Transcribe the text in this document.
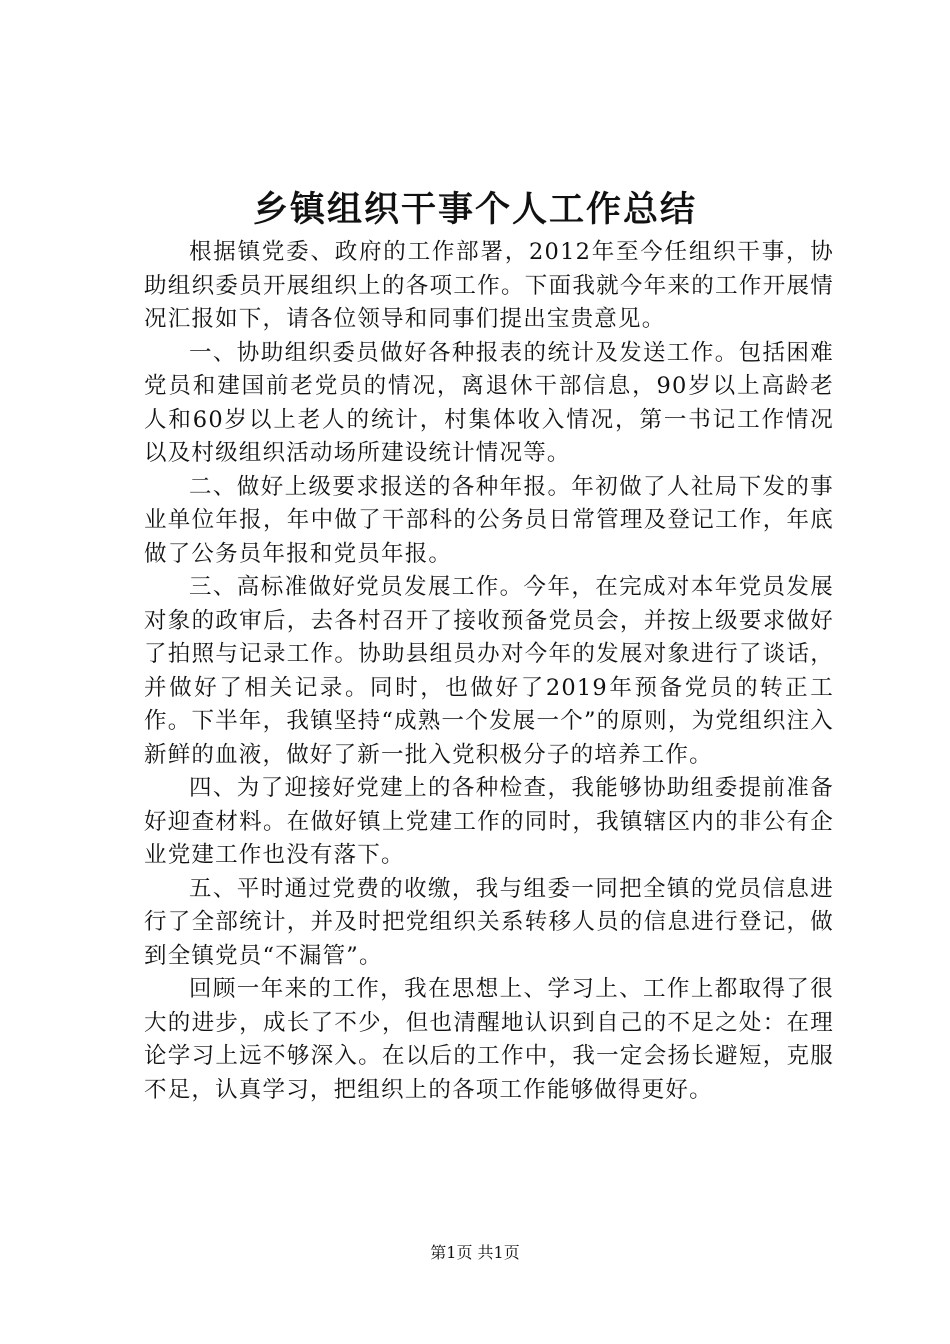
乡镇组织干事个人工作总结

根据镇党委、政府的工作部署，2012年至今任组织干事，协助组织委员开展组织上的各项工作。下面我就今年来的工作开展情况汇报如下，请各位领导和同事们提出宝贵意见。

一、协助组织委员做好各种报表的统计及发送工作。包括困难党员和建国前老党员的情况，离退休干部信息，90岁以上高龄老人和60岁以上老人的统计，村集体收入情况，第一书记工作情况以及村级组织活动场所建设统计情况等。

二、做好上级要求报送的各种年报。年初做了人社局下发的事业单位年报，年中做了干部科的公务员日常管理及登记工作，年底做了公务员年报和党员年报。

三、高标准做好党员发展工作。今年，在完成对本年党员发展对象的政审后，去各村召开了接收预备党员会，并按上级要求做好了拍照与记录工作。协助县组员办对今年的发展对象进行了谈话，并做好了相关记录。同时，也做好了2019年预备党员的转正工作。下半年，我镇坚持“成熟一个发展一个”的原则，为党组织注入新鲜的血液，做好了新一批入党积极分子的培养工作。

四、为了迎接好党建上的各种检查，我能够协助组委提前准备好迎查材料。在做好镇上党建工作的同时，我镇辖区内的非公有企业党建工作也没有落下。

五、平时通过党费的收缴，我与组委一同把全镇的党员信息进行了全部统计，并及时把党组织关系转移人员的信息进行登记，做到全镇党员“不漏管”。

回顾一年来的工作，我在思想上、学习上、工作上都取得了很大的进步，成长了不少，但也清醒地认识到自己的不足之处：在理论学习上远不够深入。在以后的工作中，我一定会扬长避短，克服不足，认真学习，把组织上的各项工作能够做得更好。

第1页 共1页
